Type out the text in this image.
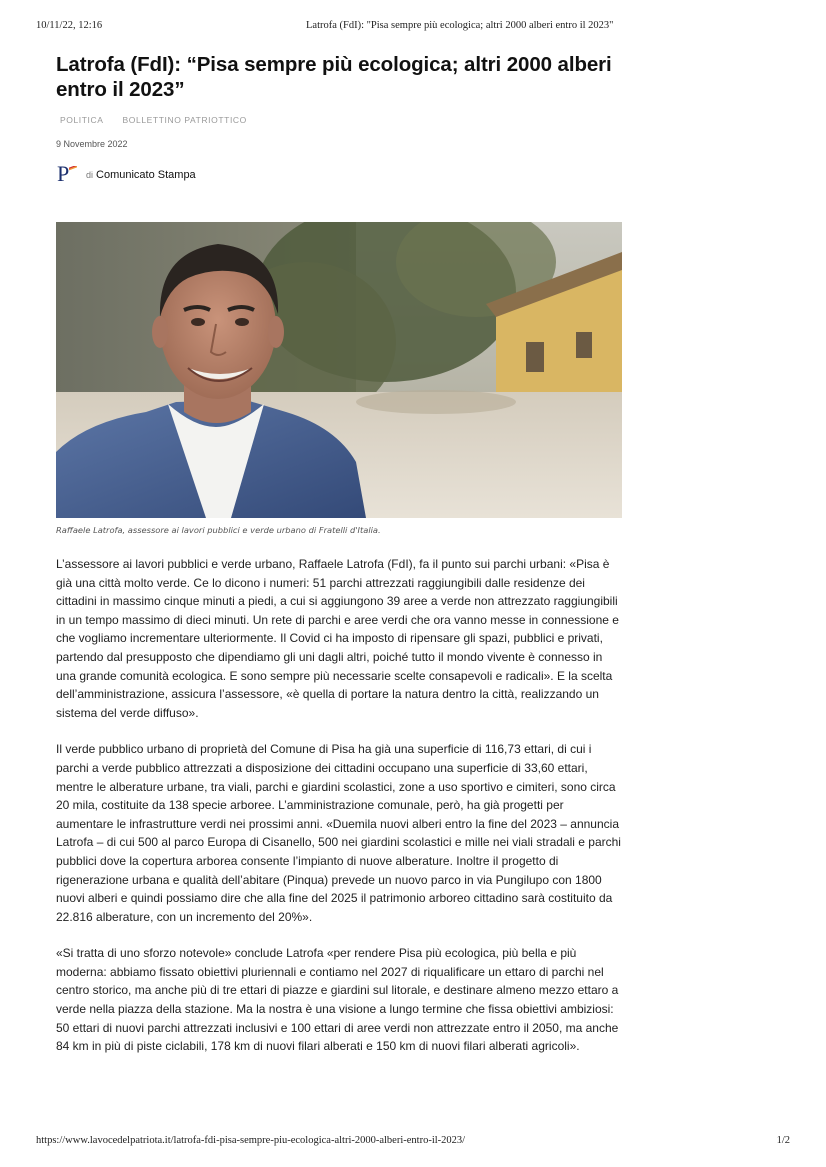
10/11/22, 12:16	Latrofa (FdI): "Pisa sempre più ecologica; altri 2000 alberi entro il 2023"
Latrofa (FdI): “Pisa sempre più ecologica; altri 2000 alberi entro il 2023”
POLITICA BOLLETTINO PATRIOTTICO
9 Novembre 2022
P di Comunicato Stampa
Raffaele Latrofa, assessore ai lavori pubblici e verde urbano di Fratelli d'Italia.

L’assessore ai lavori pubblici e verde urbano, Raffaele Latrofa (FdI), fa il punto sui parchi urbani: «Pisa è già una città molto verde. Ce lo dicono i numeri: 51 parchi attrezzati raggiungibili dalle residenze dei cittadini in massimo cinque minuti a piedi, a cui si aggiungono 39 aree a verde non attrezzato raggiungibili in un tempo massimo di dieci minuti. Un rete di parchi e aree verdi che ora vanno messe in connessione e che vogliamo incrementare ulteriormente. Il Covid ci ha imposto di ripensare gli spazi, pubblici e privati, partendo dal presupposto che dipendiamo gli uni dagli altri, poiché tutto il mondo vivente è connesso in una grande comunità ecologica. E sono sempre più necessarie scelte consapevoli e radicali». E la scelta dell’amministrazione, assicura l’assessore, «è quella di portare la natura dentro la città, realizzando un sistema del verde diffuso».

Il verde pubblico urbano di proprietà del Comune di Pisa ha già una superficie di 116,73 ettari, di cui i parchi a verde pubblico attrezzati a disposizione dei cittadini occupano una superficie di 33,60 ettari, mentre le alberature urbane, tra viali, parchi e giardini scolastici, zone a uso sportivo e cimiteri, sono circa 20 mila, costituite da 138 specie arboree. L’amministrazione comunale, però, ha già progetti per aumentare le infrastrutture verdi nei prossimi anni. «Duemila nuovi alberi entro la fine del 2023 – annuncia Latrofa – di cui 500 al parco Europa di Cisanello, 500 nei giardini scolastici e mille nei viali stradali e parchi pubblici dove la copertura arborea consente l’impianto di nuove alberature. Inoltre il progetto di rigenerazione urbana e qualità dell’abitare (Pinqua) prevede un nuovo parco in via Pungilupo con 1800 nuovi alberi e quindi possiamo dire che alla fine del 2025 il patrimonio arboreo cittadino sarà costituito da 22.816 alberature, con un incremento del 20%».

«Si tratta di uno sforzo notevole» conclude Latrofa «per rendere Pisa più ecologica, più bella e più moderna: abbiamo fissato obiettivi pluriennali e contiamo nel 2027 di riqualificare un ettaro di parchi nel centro storico, ma anche più di tre ettari di piazze e giardini sul litorale, e destinare almeno mezzo ettaro a verde nella piazza della stazione. Ma la nostra è una visione a lungo termine che fissa obiettivi ambiziosi: 50 ettari di nuovi parchi attrezzati inclusivi e 100 ettari di aree verdi non attrezzate entro il 2050, ma anche 84 km in più di piste ciclabili, 178 km di nuovi filari alberati e 150 km di nuovi filari alberati agricoli».

https://www.lavocedelpatriota.it/latrofa-fdi-pisa-sempre-piu-ecologica-altri-2000-alberi-entro-il-2023/	1/2
